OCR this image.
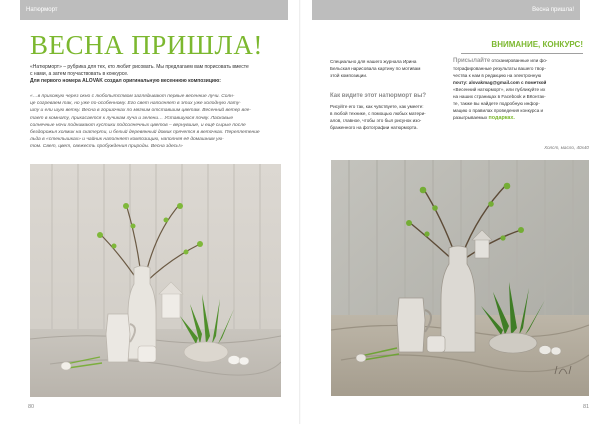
Натюрморт
ВЕСНА ПРИШЛА!
«Натюрморт» – рубрика для тех, кто любит рисовать. Мы предлагаем вам порисовать вместе
с нами, а затем поучаствовать в конкурсе.
Для первого номера ALOVAK создал оригинальную весеннюю композицию:
«…в прихожую через окно с любопытством заглядывают первые весенние лучи. Солн-
це согреваем так, но уже по-особенному. Его свет наполняет в этих уже холодную лату-
шпу и ели шую ветку. Весна в горшочках по мягким отставшим цветам. Весенний ветер вле-
тает в комнату, прикасается к лучикам луча и зелени… Уставшуюся почву. Ласковые
солнечные ночи поднимают кустики подсолнечных цветов – вернувшие, и ещё сырые после
бездорожья холмик на скатерти, и белый деревянный домик прячется в веточках. Переплетение
льда в «стеклышках» и чайник наполняет композицию, наполняя её домашним ую-
том. Свет, цвет, свежесть пробуждения природы. Весна здесь!»
80
Весна пришла!
Специально для нашего журнала Ирина
Бельская нарисовала картину по мотивам
этой композиции.
Как видите этот натюрморт вы?
Рисуйте его так, как чувствуете, как умеете:
в любой технике, с помощью любых матери-
алов, главное, чтобы это был рисунок изо-
браженного на фотографии натюрморта.
ВНИМАНИЕ, КОНКУРС!
Присылайте отсканированные или фо-
тографированные результаты вашего твор-
чества к нам в редакцию на электронную
почту: alovakmag@gmail.com с пометкой
«Весенний натюрморт», или публикуйте их
на наших страницах в Facebook и ВКонтак-
те, также вы найдете подробную инфор-
мацию о правилах проведения конкурса и
разыгрываемых подарках.
Холст, масло, 40х40
81
